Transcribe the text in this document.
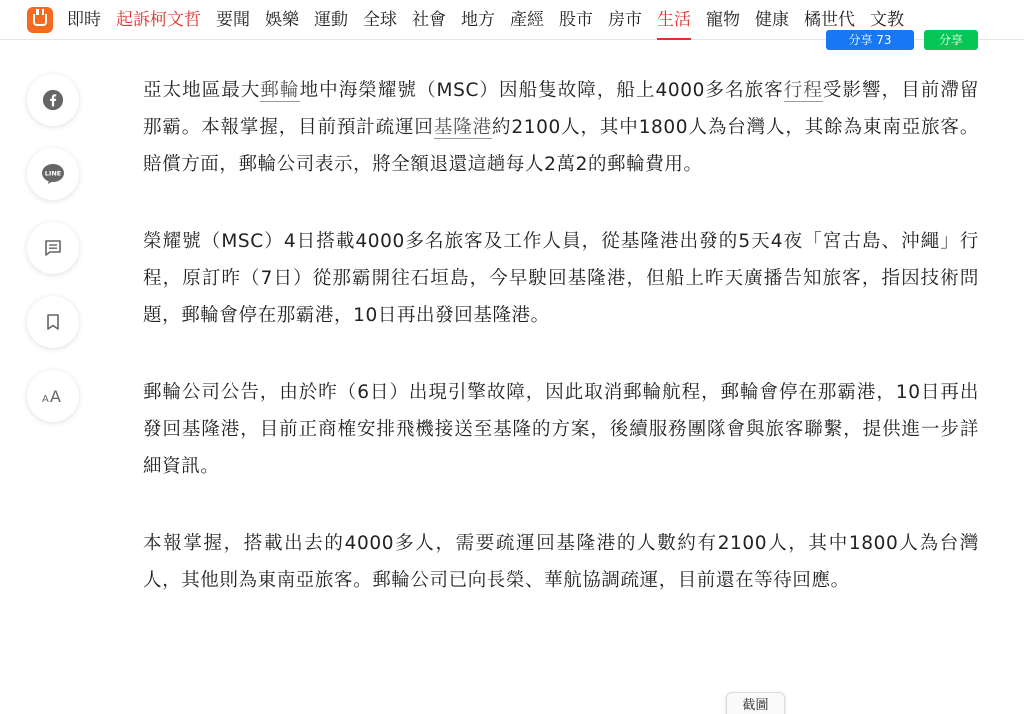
即時 起訴柯文哲 要聞 娛樂 運動 全球 社會 地方 產經 股市 房市 生活 寵物 健康 橘世代 文教
分享 73	分享
LINE
A A

亞太地區最大郵輪地中海榮耀號（MSC）因船隻故障，船上4000多名旅客行程受影響，目前滯留那霸。本報掌握，目前預計疏運回基隆港約2100人，其中1800人為台灣人，其餘為東南亞旅客。賠償方面，郵輪公司表示，將全額退還這趟每人2萬2的郵輪費用。

榮耀號（MSC）4日搭載4000多名旅客及工作人員，從基隆港出發的5天4夜「宮古島、沖繩」行程，原訂昨（7日）從那霸開往石垣島，今早駛回基隆港，但船上昨天廣播告知旅客，指因技術問題，郵輪會停在那霸港，10日再出發回基隆港。

郵輪公司公告，由於昨（6日）出現引擎故障，因此取消郵輪航程，郵輪會停在那霸港，10日再出發回基隆港，目前正商榷安排飛機接送至基隆的方案，後續服務團隊會與旅客聯繫，提供進一步詳細資訊。

本報掌握，搭載出去的4000多人，需要疏運回基隆港的人數約有2100人，其中1800人為台灣人，其他則為東南亞旅客。郵輪公司已向長榮、華航協調疏運，目前還在等待回應。

截圖
